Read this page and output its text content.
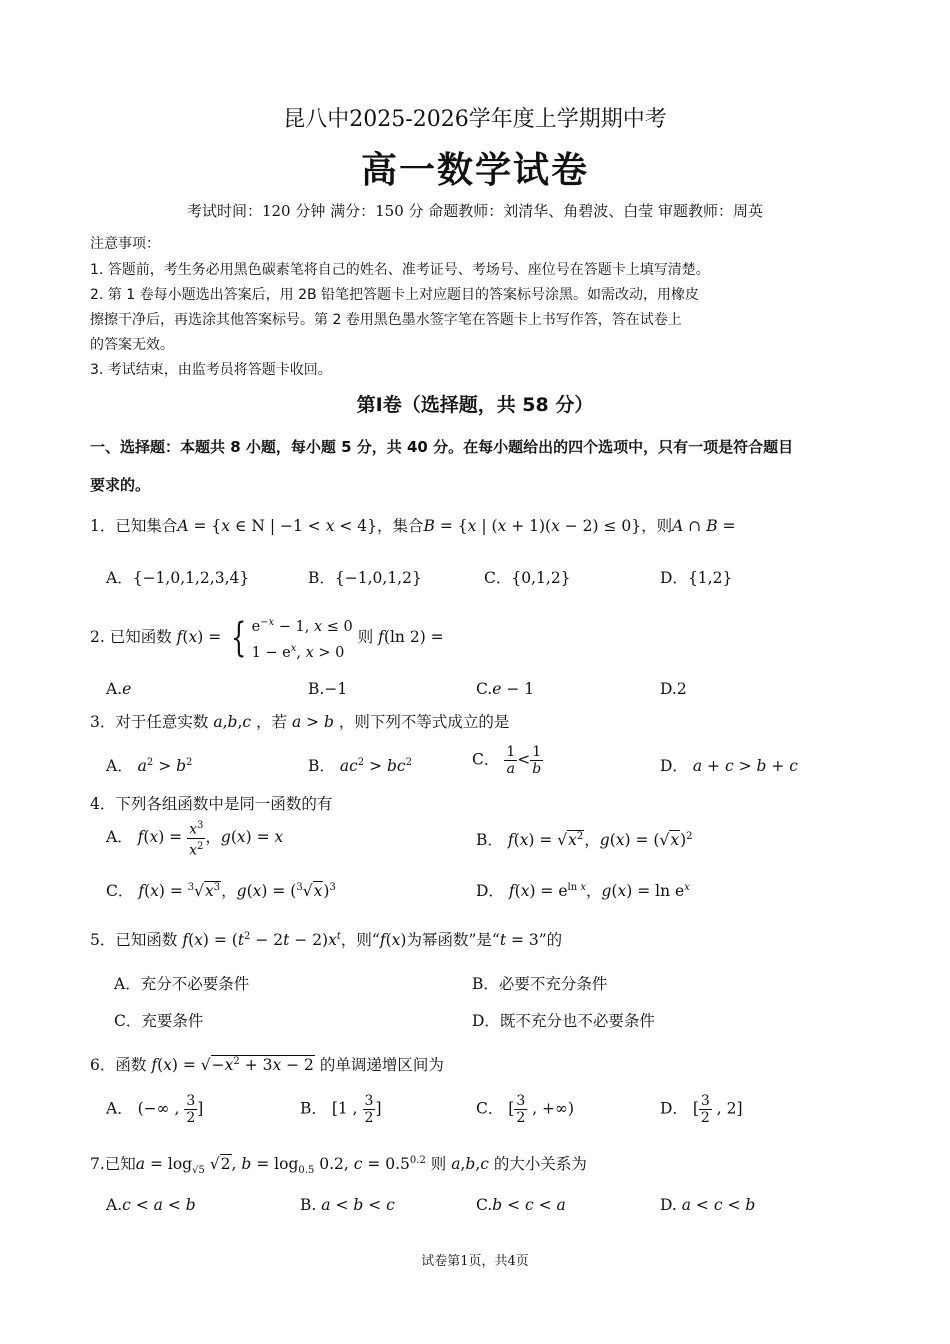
昆八中2025-2026学年度上学期期中考
高一数学试卷
考试时间：120 分钟 满分：150 分 命题教师：刘清华、角碧波、白莹 审题教师：周英
注意事项：
1. 答题前，考生务必用黑色碳素笔将自己的姓名、准考证号、考场号、座位号在答题卡上填写清楚。
2. 第 1 卷每小题选出答案后，用 2B 铅笔把答题卡上对应题目的答案标号涂黑。如需改动，用橡皮
擦擦干净后，再选涂其他答案标号。第 2 卷用黑色墨水签字笔在答题卡上书写作答，答在试卷上
的答案无效。
3. 考试结束，由监考员将答题卡收回。
第Ⅰ卷（选择题，共 58 分）
一、选择题：本题共 8 小题，每小题 5 分，共 40 分。在每小题给出的四个选项中，只有一项是符合题目
要求的。
1．已知集合A = {x ∈ N | −1 < x < 4}，集合B = {x | (x + 1)(x − 2) ≤ 0}，则A ∩ B =
A．{−1,0,1,2,3,4}	B．{−1,0,1,2}	C．{0,1,2}	D．{1,2}
2. 已知函数 f(x) = { $e^{-x} - 1$, x ≤ 0
$1 - e^x$, x > 0 则 f(ln 2) =
A.e	B.−1	C.e − 1	D.2
3．对于任意实数 a,b,c ，若 a > b ，则下列不等式成立的是
A． $a^2 > b^2$	B． $ac^2 > bc^2$	C． $\frac{1}{a} < \frac{1}{b}$	D． a + c > b + c
4．下列各组函数中是同一函数的有
A． $f(x) = \frac{x^3}{x^2}$ ，g(x) = x	B． $f(x) = √x^2$，$g(x) = (√x)^2$
C． $f(x) = ^3√x^3$，$g(x) = (^3√x)^3$	D． $f(x) = e^{ln x}$，$g(x) = \ln e^x$
5．已知函数 $f(x) = (t^2 - 2t - 2)x^t$，则“f(x)为幂函数”是“t = 3”的
A．充分不必要条件	B．必要不充分条件
C．充要条件	D．既不充分也不必要条件
6．函数 $f(x) = √-x^2 + 3x - 2$ 的单调递增区间为
A． (−∞ , $\frac{3}{2}$ ]	B． [1 , $\frac{3}{2}$ ]	C． [ $\frac{3}{2}$ , +∞)	D． [ $\frac{3}{2}$ , 2]
7.已知$a = \log_{√5} √2$, $b = \log_{0.5} 0.2$, $c = 0.5^{0.2}$ 则 a,b,c 的大小关系为
A.c < a < b	B. a < b < c	C.b < c < a	D. a < c < b
试卷第1页，共4页
